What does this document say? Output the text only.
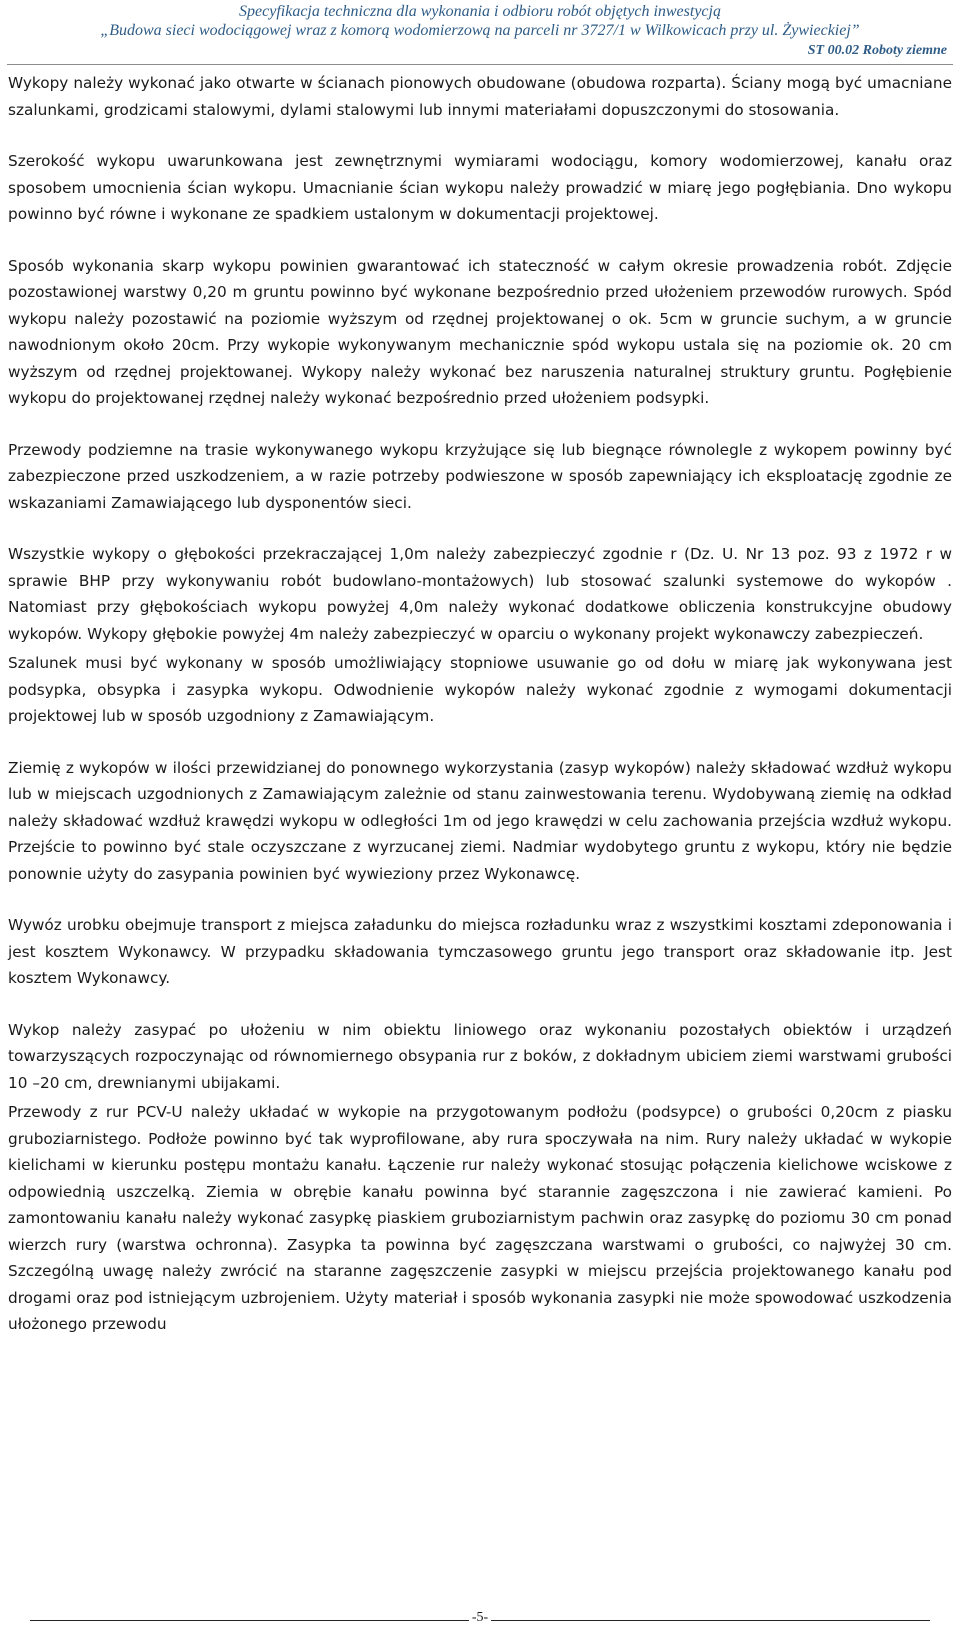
Specyfikacja techniczna dla wykonania i odbioru robót objętych inwestycją
„Budowa sieci wodociągowej wraz z komorą wodomierzową na parceli nr 3727/1 w Wilkowicach przy ul. Żywieckiej”
ST 00.02 Roboty ziemne

Wykopy należy wykonać jako otwarte w ścianach pionowych obudowane (obudowa rozparta). Ściany mogą być umacniane szalunkami, grodzicami stalowymi, dylami stalowymi lub innymi materiałami dopuszczonymi do stosowania.

Szerokość wykopu uwarunkowana jest zewnętrznymi wymiarami wodociągu, komory wodomierzowej, kanału oraz sposobem umocnienia ścian wykopu. Umacnianie ścian wykopu należy prowadzić w miarę jego pogłębiania. Dno wykopu powinno być równe i wykonane ze spadkiem ustalonym w dokumentacji projektowej.

Sposób wykonania skarp wykopu powinien gwarantować ich stateczność w całym okresie prowadzenia robót. Zdjęcie pozostawionej warstwy 0,20 m gruntu powinno być wykonane bezpośrednio przed ułożeniem przewodów rurowych. Spód wykopu należy pozostawić na poziomie wyższym od rzędnej projektowanej o ok. 5cm w gruncie suchym, a w gruncie nawodnionym około 20cm. Przy wykopie wykonywanym mechanicznie spód wykopu ustala się na poziomie ok. 20 cm wyższym od rzędnej projektowanej. Wykopy należy wykonać bez naruszenia naturalnej struktury gruntu. Pogłębienie wykopu do projektowanej rzędnej należy wykonać bezpośrednio przed ułożeniem podsypki.

Przewody podziemne na trasie wykonywanego wykopu krzyżujące się lub biegnące równolegle z wykopem powinny być zabezpieczone przed uszkodzeniem, a w razie potrzeby podwieszone w sposób zapewniający ich eksploatację zgodnie ze wskazaniami Zamawiającego lub dysponentów sieci.

Wszystkie wykopy o głębokości przekraczającej 1,0m należy zabezpieczyć zgodnie r (Dz. U. Nr 13 poz. 93 z 1972 r w sprawie BHP przy wykonywaniu robót budowlano-montażowych) lub stosować szalunki systemowe do wykopów . Natomiast przy głębokościach wykopu powyżej 4,0m należy wykonać dodatkowe obliczenia konstrukcyjne obudowy wykopów. Wykopy głębokie powyżej 4m należy zabezpieczyć w oparciu o wykonany projekt wykonawczy zabezpieczeń.

Szalunek musi być wykonany w sposób umożliwiający stopniowe usuwanie go od dołu w miarę jak wykonywana jest podsypka, obsypka i zasypka wykopu. Odwodnienie wykopów należy wykonać zgodnie z wymogami dokumentacji projektowej lub w sposób uzgodniony z Zamawiającym.

Ziemię z wykopów w ilości przewidzianej do ponownego wykorzystania (zasyp wykopów) należy składować wzdłuż wykopu lub w miejscach uzgodnionych z Zamawiającym zależnie od stanu zainwestowania terenu. Wydobywaną ziemię na odkład należy składować wzdłuż krawędzi wykopu w odległości 1m od jego krawędzi w celu zachowania przejścia wzdłuż wykopu. Przejście to powinno być stale oczyszczane z wyrzucanej ziemi. Nadmiar wydobytego gruntu z wykopu, który nie będzie ponownie użyty do zasypania powinien być wywieziony przez Wykonawcę.

Wywóz urobku obejmuje transport z miejsca załadunku do miejsca rozładunku wraz z wszystkimi kosztami zdeponowania i jest kosztem Wykonawcy. W przypadku składowania tymczasowego gruntu jego transport oraz składowanie itp. Jest kosztem Wykonawcy.

Wykop należy zasypać po ułożeniu w nim obiektu liniowego oraz wykonaniu pozostałych obiektów i urządzeń towarzyszących rozpoczynając od równomiernego obsypania rur z boków, z dokładnym ubiciem ziemi warstwami grubości 10 –20 cm, drewnianymi ubijakami.

Przewody z rur PCV-U należy układać w wykopie na przygotowanym podłożu (podsypce) o grubości 0,20cm z piasku gruboziarnistego. Podłoże powinno być tak wyprofilowane, aby rura spoczywała na nim. Rury należy układać w wykopie kielichami w kierunku postępu montażu kanału. Łączenie rur należy wykonać stosując połączenia kielichowe wciskowe z odpowiednią uszczelką. Ziemia w obrębie kanału powinna być starannie zagęszczona i nie zawierać kamieni. Po zamontowaniu kanału należy wykonać zasypkę piaskiem gruboziarnistym pachwin oraz zasypkę do poziomu 30 cm ponad wierzch rury (warstwa ochronna). Zasypka ta powinna być zagęszczana warstwami o grubości, co najwyżej 30 cm. Szczególną uwagę należy zwrócić na staranne zagęszczenie zasypki w miejscu przejścia projektowanego kanału pod drogami oraz pod istniejącym uzbrojeniem. Użyty materiał i sposób wykonania zasypki nie może spowodować uszkodzenia ułożonego przewodu

-5-
